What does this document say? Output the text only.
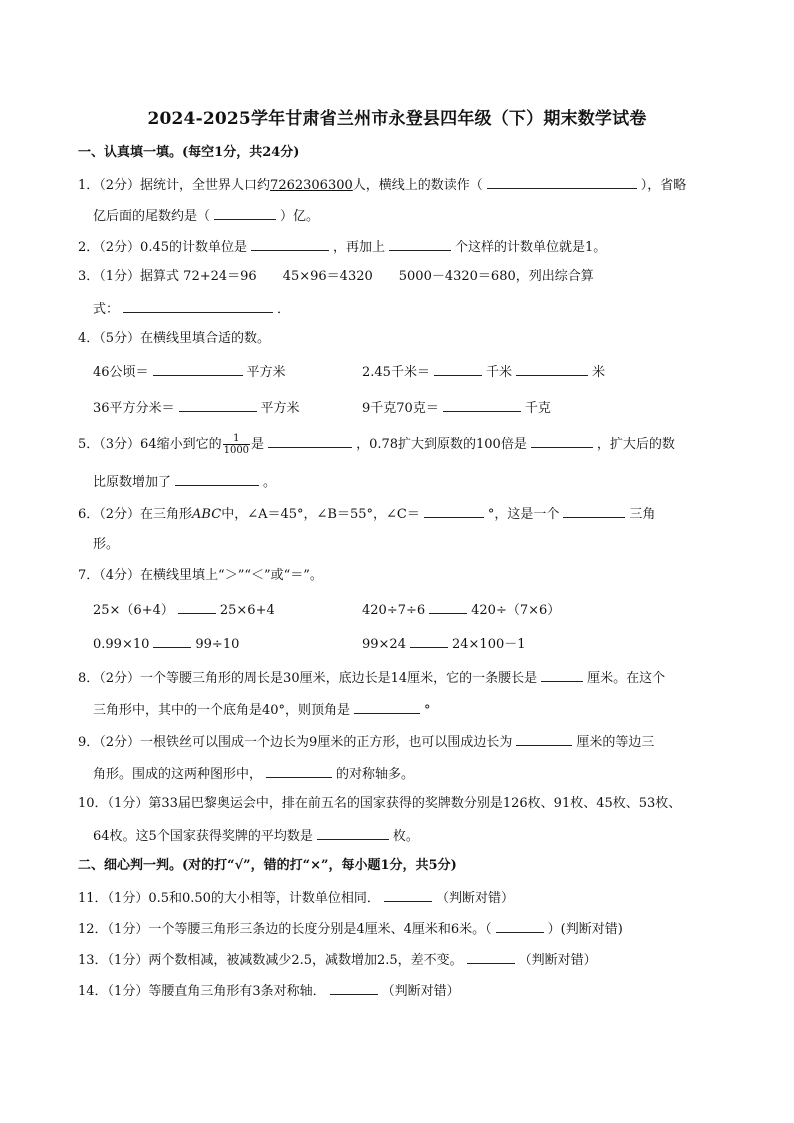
2024-2025学年甘肃省兰州市永登县四年级（下）期末数学试卷
一、认真填一填。(每空1分，共24分)
1．（2分）据统计，全世界人口约7262306300人，横线上的数读作（	），省略
亿后面的尾数约是（	）亿。
2．（2分）0.45的计数单位是	，再加上	个这样的计数单位就是1。
3．（1分）据算式 72+24＝96　　45×96＝4320　　5000－4320＝680，列出综合算
式：	．
4．（5分）在横线里填合适的数。
46公顷＝	平方米	2.45千米＝	千米	米
36平方分米＝	平方米	9千克70克＝	千克
5．（3分）64缩小到它的 $\frac{1}{1000}$ 是	，0.78扩大到原数的100倍是	，扩大后的数
比原数增加了	。
6．（2分）在三角形ABC中，∠A＝45°，∠B＝55°，∠C＝	°，这是一个	三角
形。
7．（4分）在横线里填上“＞”“＜”或“＝”。
25×（6+4）	25×6+4	420÷7÷6	420÷（7×6）
0.99×10	99÷10	99×24	24×100－1
8．（2分）一个等腰三角形的周长是30厘米，底边长是14厘米，它的一条腰长是	厘米。在这个
三角形中，其中的一个底角是40°，则顶角是	°
9．（2分）一根铁丝可以围成一个边长为9厘米的正方形，也可以围成边长为	厘米的等边三
角形。围成的这两种图形中，	的对称轴多。
10．（1分）第33届巴黎奥运会中，排在前五名的国家获得的奖牌数分别是126枚、91枚、45枚、53枚、
64枚。这5个国家获得奖牌的平均数是	枚。
二、细心判一判。(对的打“√”，错的打“×”，每小题1分，共5分)
11．（1分）0.5和0.50的大小相等，计数单位相同．	（判断对错）
12．（1分）一个等腰三角形三条边的长度分别是4厘米、4厘米和6米。（	）(判断对错)
13．（1分）两个数相减，被减数减少2.5，减数增加2.5，差不变。	（判断对错）
14．（1分）等腰直角三角形有3条对称轴．	（判断对错）
